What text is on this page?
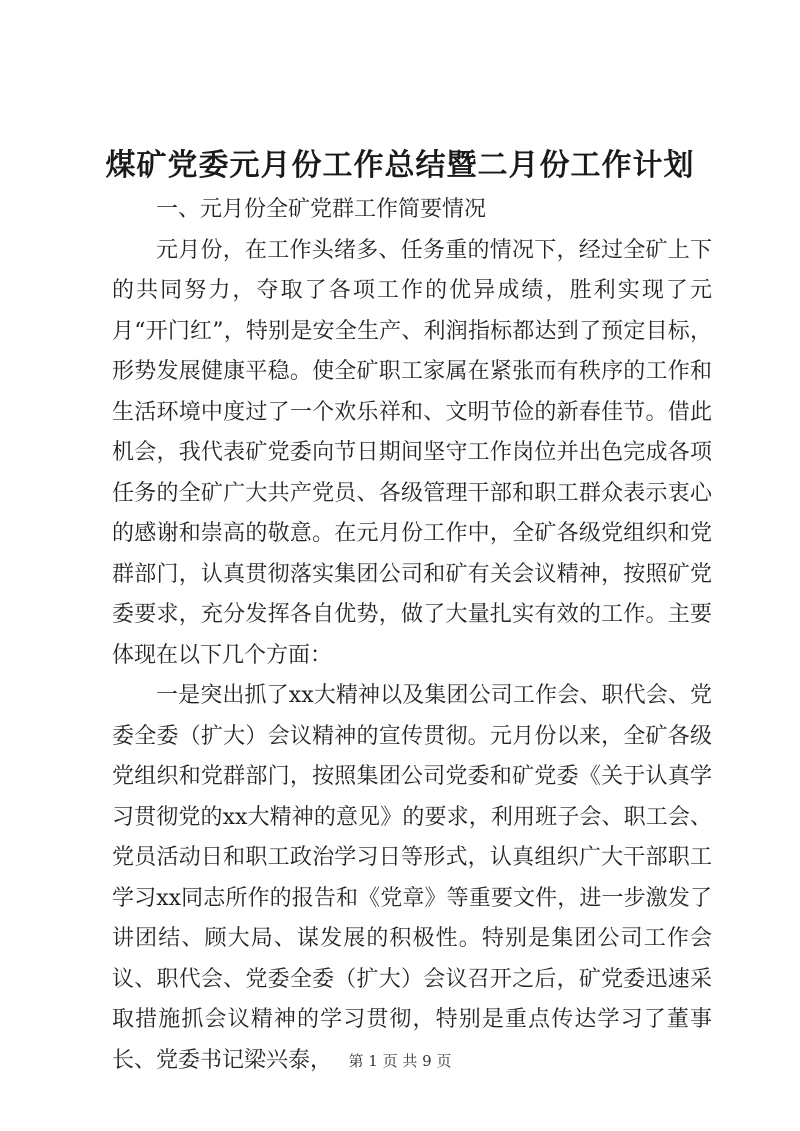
煤矿党委元月份工作总结暨二月份工作计划

一、元月份全矿党群工作简要情况

元月份，在工作头绪多、任务重的情况下，经过全矿上下的共同努力，夺取了各项工作的优异成绩，胜利实现了元月“开门红”，特别是安全生产、利润指标都达到了预定目标，形势发展健康平稳。使全矿职工家属在紧张而有秩序的工作和生活环境中度过了一个欢乐祥和、文明节俭的新春佳节。借此机会，我代表矿党委向节日期间坚守工作岗位并出色完成各项任务的全矿广大共产党员、各级管理干部和职工群众表示衷心的感谢和崇高的敬意。在元月份工作中，全矿各级党组织和党群部门，认真贯彻落实集团公司和矿有关会议精神，按照矿党委要求，充分发挥各自优势，做了大量扎实有效的工作。主要体现在以下几个方面：

一是突出抓了xx大精神以及集团公司工作会、职代会、党委全委（扩大）会议精神的宣传贯彻。元月份以来，全矿各级党组织和党群部门，按照集团公司党委和矿党委《关于认真学习贯彻党的xx大精神的意见》的要求，利用班子会、职工会、党员活动日和职工政治学习日等形式，认真组织广大干部职工学习xx同志所作的报告和《党章》等重要文件，进一步激发了讲团结、顾大局、谋发展的积极性。特别是集团公司工作会议、职代会、党委全委（扩大）会议召开之后，矿党委迅速采取措施抓会议精神的学习贯彻，特别是重点传达学习了董事长、党委书记梁兴泰，	第 1 页 共 9 页
